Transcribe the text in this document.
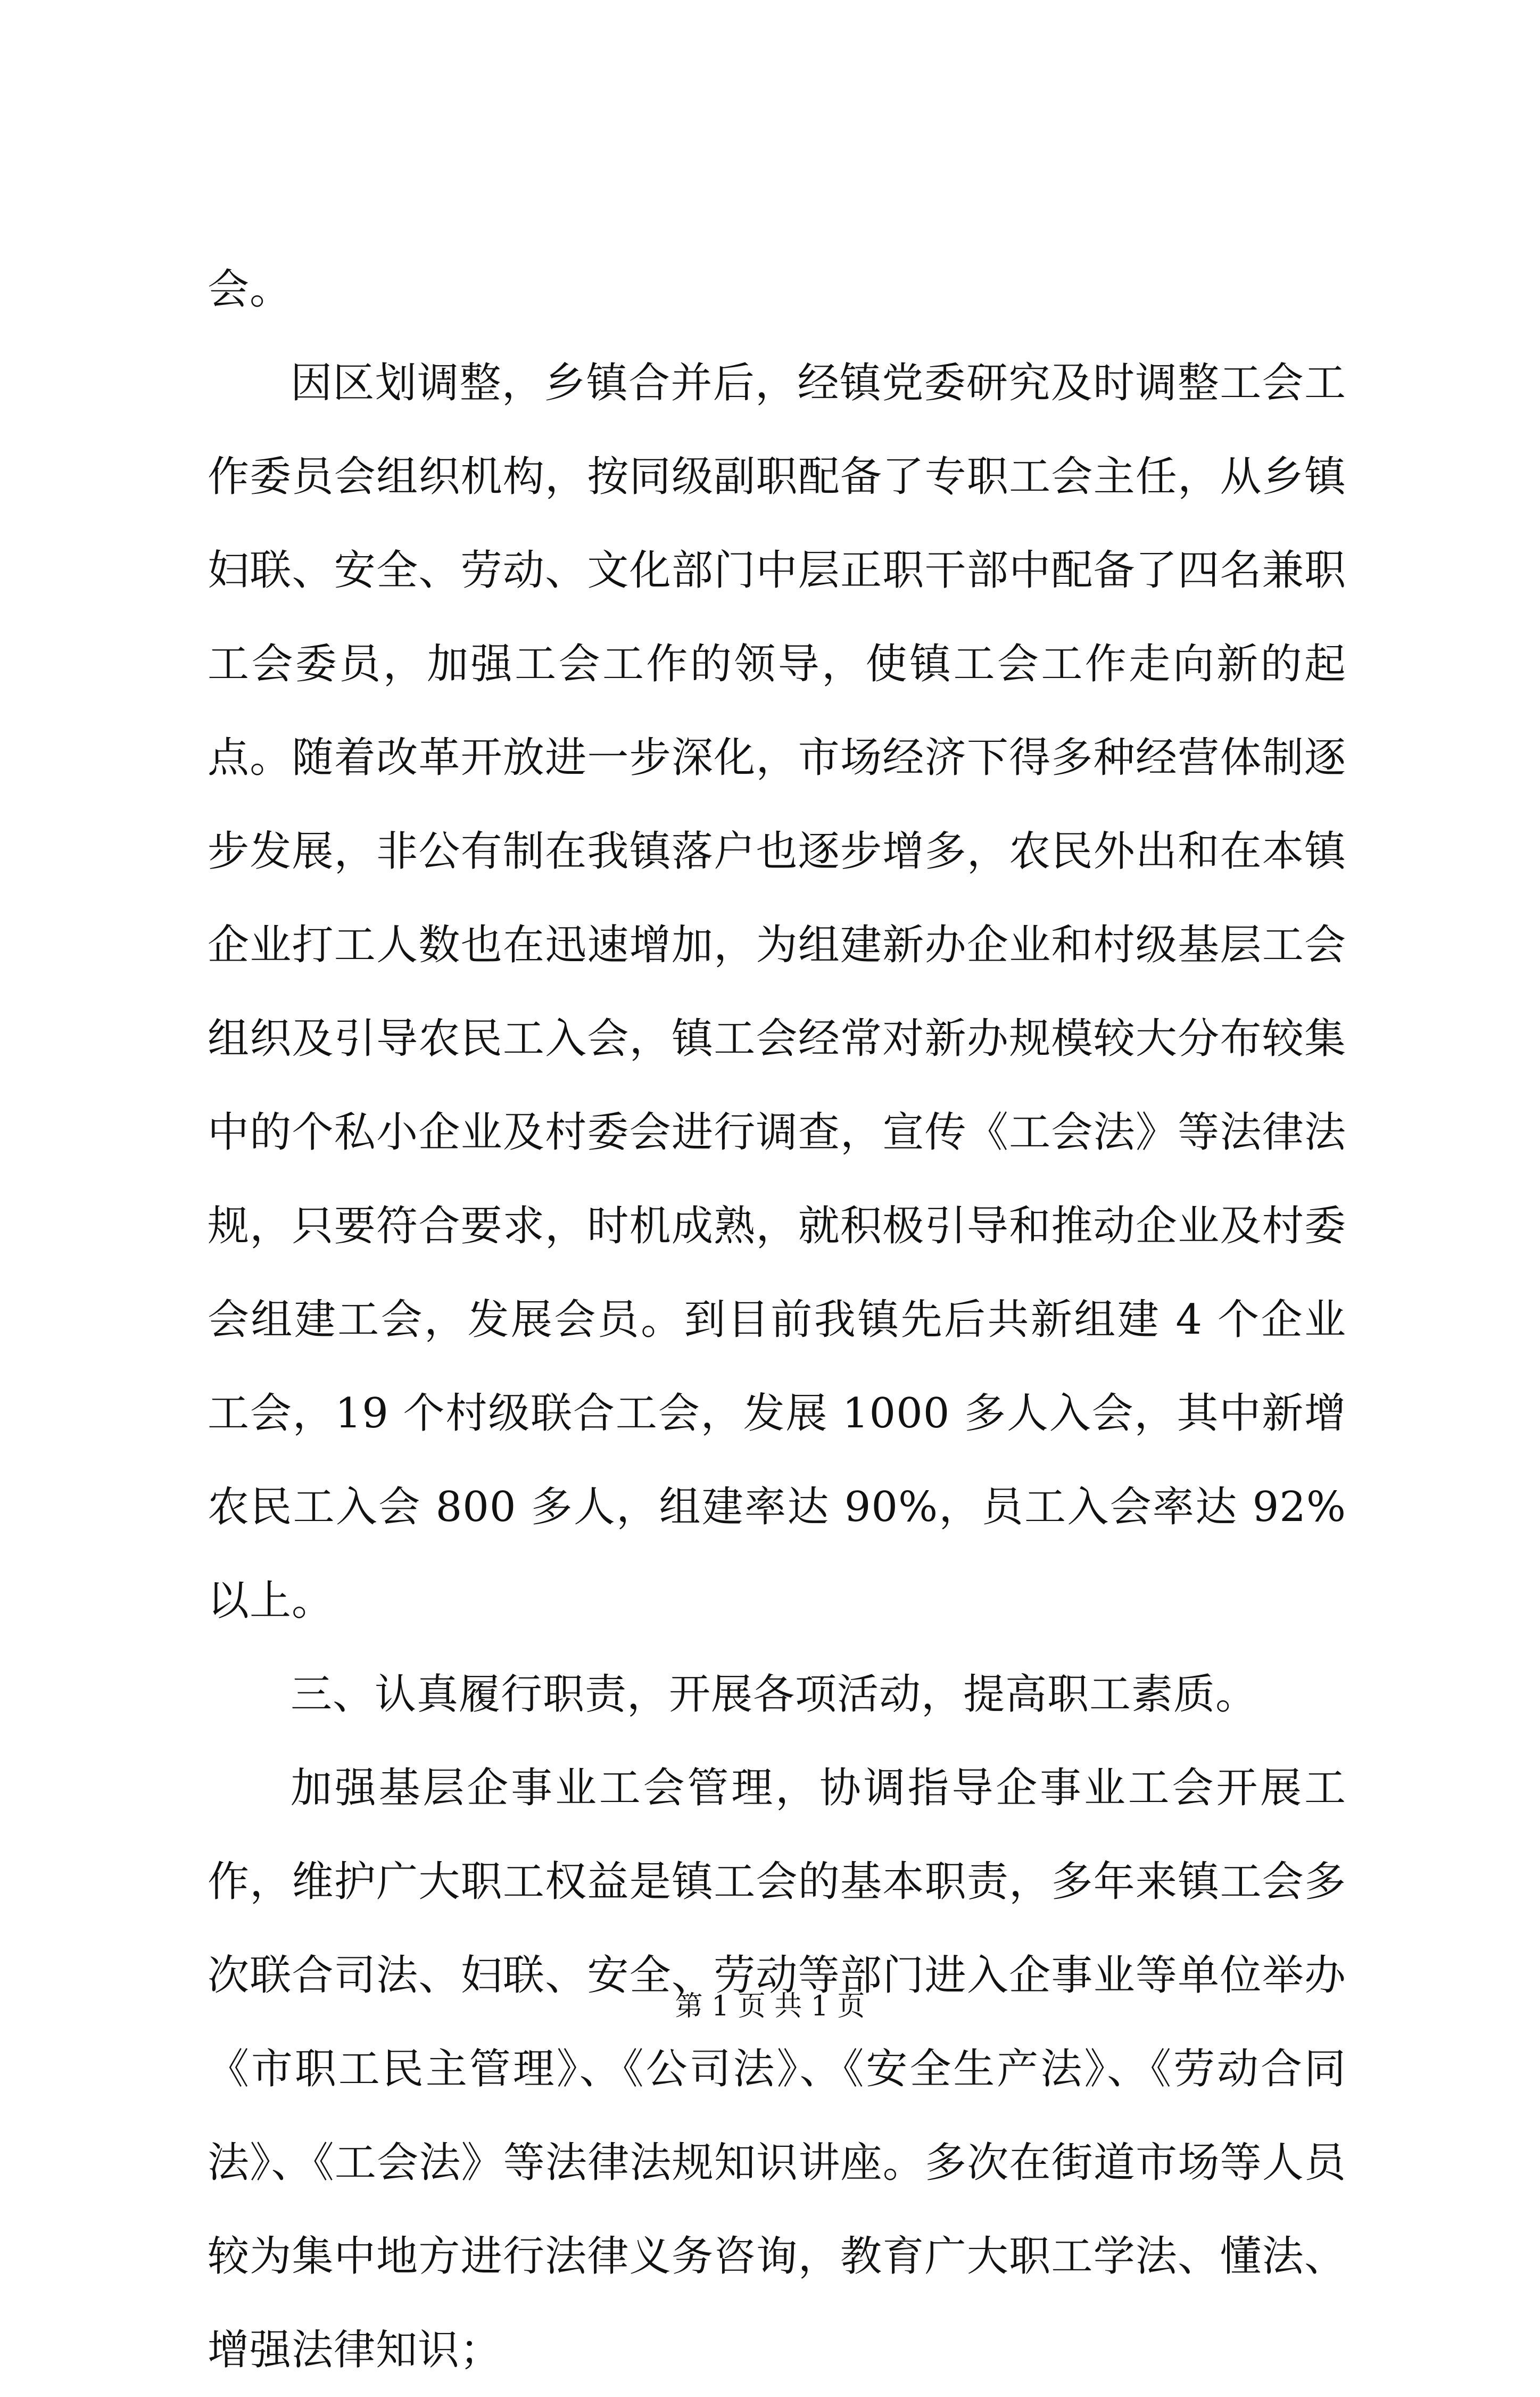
会。

因区划调整，乡镇合并后，经镇党委研究及时调整工会工作委员会组织机构，按同级副职配备了专职工会主任，从乡镇妇联、安全、劳动、文化部门中层正职干部中配备了四名兼职工会委员，加强工会工作的领导，使镇工会工作走向新的起点。随着改革开放进一步深化，市场经济下得多种经营体制逐步发展，非公有制在我镇落户也逐步增多，农民外出和在本镇企业打工人数也在迅速增加，为组建新办企业和村级基层工会组织及引导农民工入会，镇工会经常对新办规模较大分布较集中的个私小企业及村委会进行调查，宣传《工会法》等法律法规，只要符合要求，时机成熟，就积极引导和推动企业及村委会组建工会，发展会员。到目前我镇先后共新组建 4 个企业工会，19 个村级联合工会，发展 1000 多人入会，其中新增农民工入会 800 多人，组建率达 90%，员工入会率达 92%以上。

三、认真履行职责，开展各项活动，提高职工素质。

加强基层企事业工会管理，协调指导企事业工会开展工作，维护广大职工权益是镇工会的基本职责，多年来镇工会多次联合司法、妇联、安全、劳动等部门进入企事业等单位举办《市职工民主管理》、《公司法》、《安全生产法》、《劳动合同法》、《工会法》等法律法规知识讲座。多次在街道市场等人员较为集中地方进行法律义务咨询，教育广大职工学法、懂法、增强法律知识；

第 1 页 共 1 页
